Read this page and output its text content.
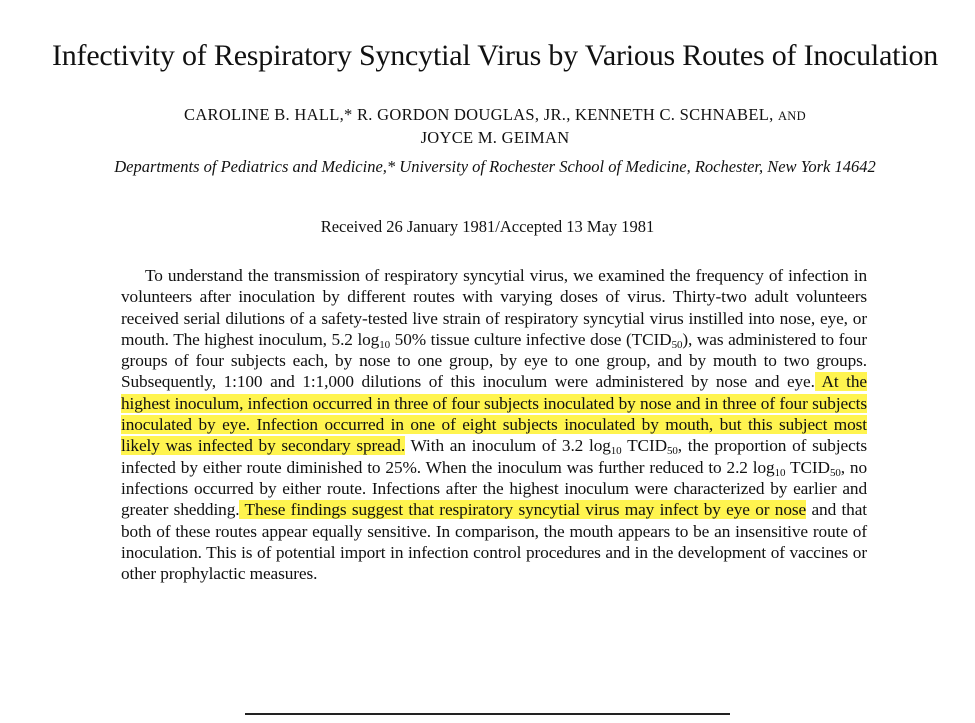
Infectivity of Respiratory Syncytial Virus by Various Routes of Inoculation
CAROLINE B. HALL,* R. GORDON DOUGLAS, JR., KENNETH C. SCHNABEL, AND
JOYCE M. GEIMAN
Departments of Pediatrics and Medicine,* University of Rochester School of Medicine, Rochester, New York 14642
Received 26 January 1981/Accepted 13 May 1981

To understand the transmission of respiratory syncytial virus, we examined the frequency of infection in volunteers after inoculation by different routes with varying doses of virus. Thirty-two adult volunteers received serial dilutions of a safety-tested live strain of respiratory syncytial virus instilled into nose, eye, or mouth. The highest inoculum, 5.2 $\log_{10} 50\%$ tissue culture infective dose $(TCID_{50})$, was administered to four groups of four subjects each, by nose to one group, by eye to one group, and by mouth to two groups. Subsequently, 1:100 and 1:1,000 dilutions of this inoculum were administered by nose and eye. At the highest inoculum, infection occurred in three of four subjects inoculated by nose and in three of four subjects inoculated by eye. Infection occurred in one of eight subjects inoculated by mouth, but this subject most likely was infected by secondary spread. With an inoculum of 3.2 $\log_{10}$ $TCID_{50}$, the proportion of subjects infected by either route diminished to 25%. When the inoculum was further reduced to 2.2 $\log_{10}$ $TCID_{50}$, no infections occurred by either route. Infections after the highest inoculum were characterized by earlier and greater shedding. These findings suggest that respiratory syncytial virus may infect by eye or nose and that both of these routes appear equally sensitive. In comparison, the mouth appears to be an insensitive route of inoculation. This is of potential import in infection control procedures and in the development of vaccines or other prophylactic measures.
